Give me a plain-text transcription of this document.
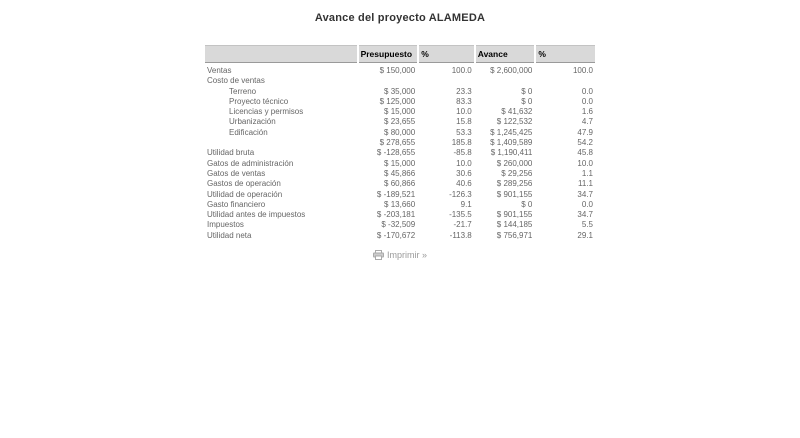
Avance del proyecto ALAMEDA
	Presupuesto	%	Avance	%
Ventas	$ 150,000	100.0	$ 2,600,000	100.0
Costo de ventas				
Terreno	$ 35,000	23.3	$ 0	0.0
Proyecto técnico	$ 125,000	83.3	$ 0	0.0
Licencias y permisos	$ 15,000	10.0	$ 41,632	1.6
Urbanización	$ 23,655	15.8	$ 122,532	4.7
Edificación	$ 80,000	53.3	$ 1,245,425	47.9
	$ 278,655	185.8	$ 1,409,589	54.2
Utilidad bruta	$ -128,655	-85.8	$ 1,190,411	45.8
Gatos de administración	$ 15,000	10.0	$ 260,000	10.0
Gatos de ventas	$ 45,866	30.6	$ 29,256	1.1
Gastos de operación	$ 60,866	40.6	$ 289,256	11.1
Utilidad de operación	$ -189,521	-126.3	$ 901,155	34.7
Gasto financiero	$ 13,660	9.1	$ 0	0.0
Utilidad antes de impuestos	$ -203,181	-135.5	$ 901,155	34.7
Impuestos	$ -32,509	-21.7	$ 144,185	5.5
Utilidad neta	$ -170,672	-113.8	$ 756,971	29.1
Imprimir »
